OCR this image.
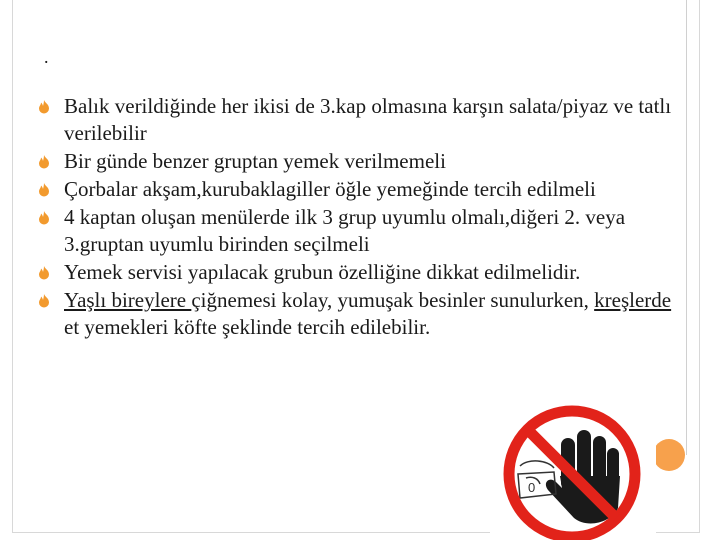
.
Balık verildiğinde her ikisi de 3.kap olmasına karşın salata/piyaz ve tatlı verilebilir
Bir günde benzer gruptan yemek verilmemeli
Çorbalar akşam,kurubaklagiller öğle yemeğinde tercih edilmeli
4 kaptan oluşan menülerde ilk 3 grup uyumlu olmalı,diğeri 2. veya 3.gruptan uyumlu birinden seçilmeli
Yemek servisi yapılacak grubun özelliğine dikkat edilmelidir.
Yaşlı bireylere çiğnemesi kolay, yumuşak besinler sunulurken, kreşlerde et yemekleri köfte şeklinde tercih edilebilir.
0
